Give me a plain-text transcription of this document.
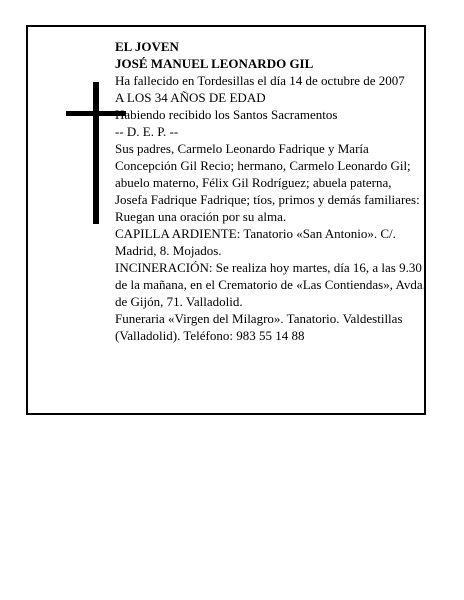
EL JOVEN
JOSÉ MANUEL LEONARDO GIL
Ha fallecido en Tordesillas el día 14 de octubre de 2007
A LOS 34 AÑOS DE EDAD
Habiendo recibido los Santos Sacramentos
-- D. E. P. --
Sus padres, Carmelo Leonardo Fadrique y María Concepción Gil Recio; hermano, Carmelo Leonardo Gil; abuelo materno, Félix Gil Rodríguez; abuela paterna, Josefa Fadrique Fadrique; tíos, primos y demás familiares:
Ruegan una oración por su alma.
CAPILLA ARDIENTE: Tanatorio «San Antonio». C/. Madrid, 8. Mojados.
INCINERACIÓN: Se realiza hoy martes, día 16, a las 9.30 de la mañana, en el Crematorio de «Las Contiendas», Avda. de Gijón, 71. Valladolid.
Funeraria «Virgen del Milagro». Tanatorio. Valdestillas (Valladolid). Teléfono: 983 55 14 88
